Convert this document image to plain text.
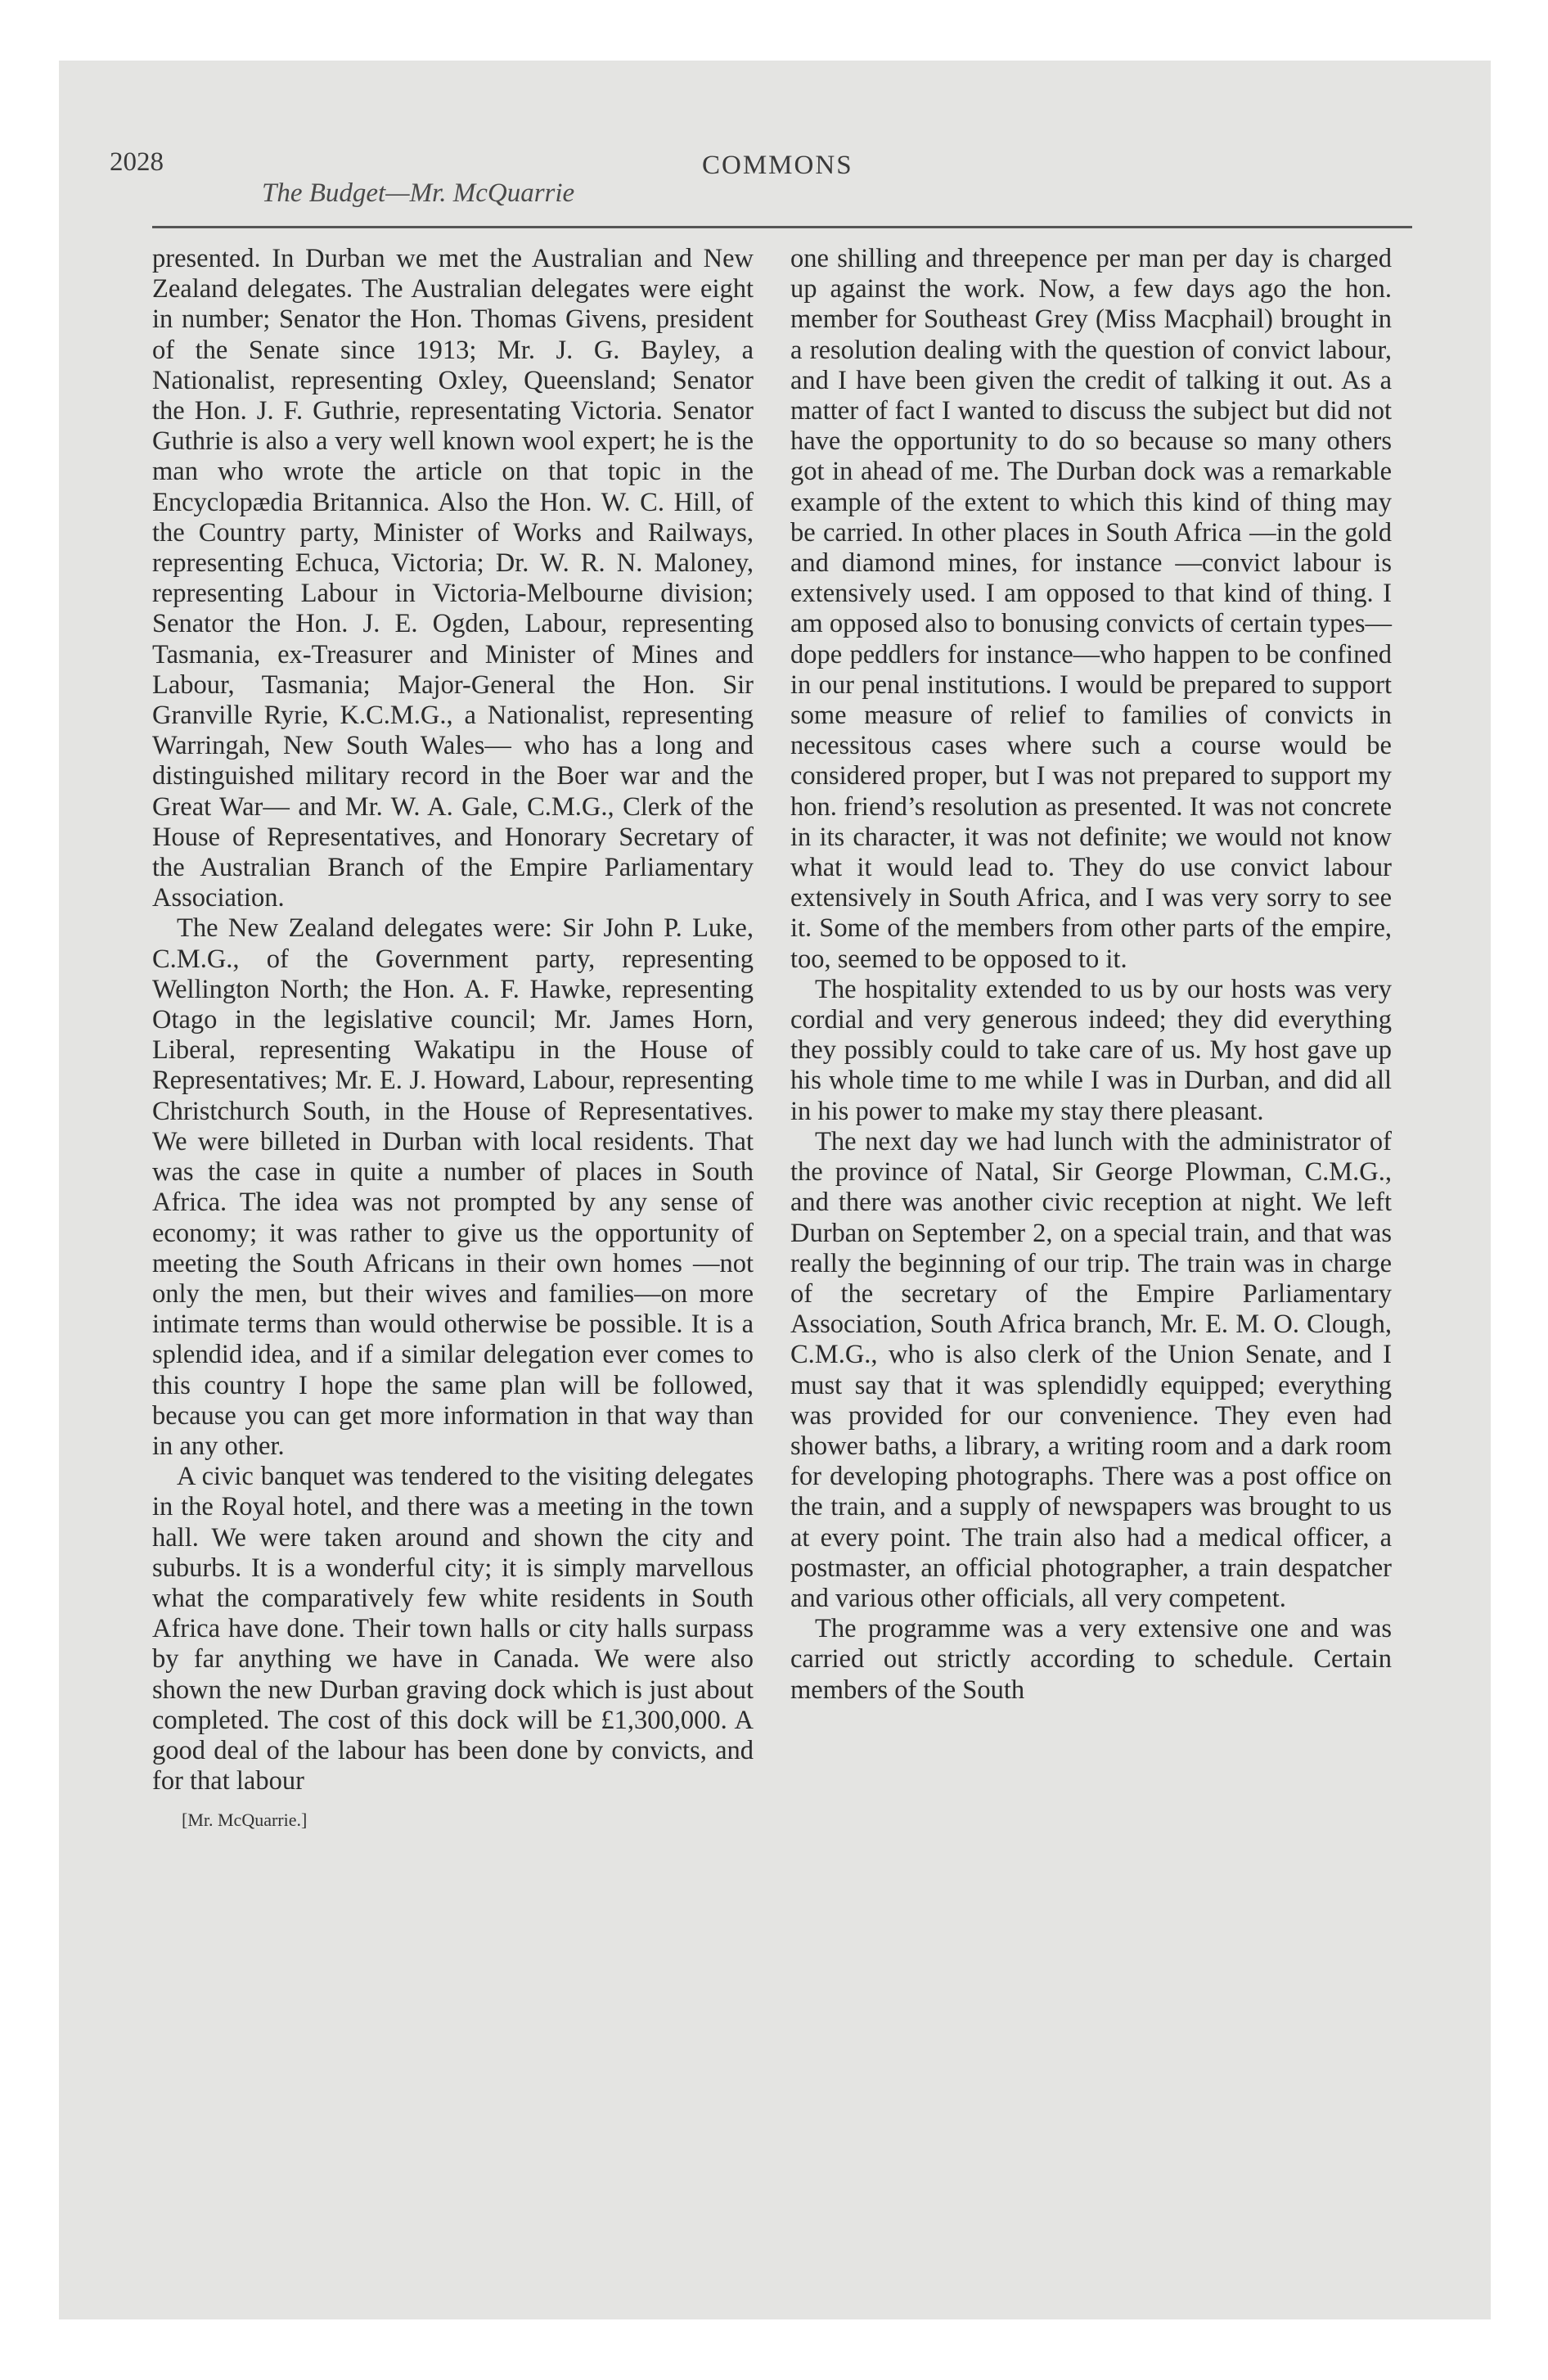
2028
The Budget—Mr. McQuarrie
COMMONS

presented. In Durban we met the Australian and New Zealand delegates. The Australian delegates were eight in number; Senator the Hon. Thomas Givens, president of the Senate since 1913; Mr. J. G. Bayley, a Nationalist, representing Oxley, Queensland; Senator the Hon. J. F. Guthrie, representating Victoria. Senator Guthrie is also a very well known wool expert; he is the man who wrote the article on that topic in the Encyclopædia Britannica. Also the Hon. W. C. Hill, of the Country party, Minister of Works and Railways, representing Echuca, Victoria; Dr. W. R. N. Maloney, representing Labour in Victoria-Melbourne division; Senator the Hon. J. E. Ogden, Labour, representing Tasmania, ex-Treasurer and Minister of Mines and Labour, Tasmania; Major-General the Hon. Sir Granville Ryrie, K.C.M.G., a Nationalist, representing Warringah, New South Wales— who has a long and distinguished military record in the Boer war and the Great War— and Mr. W. A. Gale, C.M.G., Clerk of the House of Representatives, and Honorary Secretary of the Australian Branch of the Empire Parliamentary Association.

The New Zealand delegates were: Sir John P. Luke, C.M.G., of the Government party, representing Wellington North; the Hon. A. F. Hawke, representing Otago in the legislative council; Mr. James Horn, Liberal, representing Wakatipu in the House of Representatives; Mr. E. J. Howard, Labour, representing Christchurch South, in the House of Representatives. We were billeted in Durban with local residents. That was the case in quite a number of places in South Africa. The idea was not prompted by any sense of economy; it was rather to give us the opportunity of meeting the South Africans in their own homes —not only the men, but their wives and families—on more intimate terms than would otherwise be possible. It is a splendid idea, and if a similar delegation ever comes to this country I hope the same plan will be followed, because you can get more information in that way than in any other.

A civic banquet was tendered to the visiting delegates in the Royal hotel, and there was a meeting in the town hall. We were taken around and shown the city and suburbs. It is a wonderful city; it is simply marvellous what the comparatively few white residents in South Africa have done. Their town halls or city halls surpass by far anything we have in Canada. We were also shown the new Durban graving dock which is just about completed. The cost of this dock will be £1,300,000. A good deal of the labour has been done by convicts, and for that labour

[Mr. McQuarrie.]

one shilling and threepence per man per day is charged up against the work. Now, a few days ago the hon. member for Southeast Grey (Miss Macphail) brought in a resolution dealing with the question of convict labour, and I have been given the credit of talking it out. As a matter of fact I wanted to discuss the subject but did not have the opportunity to do so because so many others got in ahead of me. The Durban dock was a remarkable example of the extent to which this kind of thing may be carried. In other places in South Africa —in the gold and diamond mines, for instance —convict labour is extensively used. I am opposed to that kind of thing. I am opposed also to bonusing convicts of certain types— dope peddlers for instance—who happen to be confined in our penal institutions. I would be prepared to support some measure of relief to families of convicts in necessitous cases where such a course would be considered proper, but I was not prepared to support my hon. friend’s resolution as presented. It was not concrete in its character, it was not definite; we would not know what it would lead to. They do use convict labour extensively in South Africa, and I was very sorry to see it. Some of the members from other parts of the empire, too, seemed to be opposed to it.

The hospitality extended to us by our hosts was very cordial and very generous indeed; they did everything they possibly could to take care of us. My host gave up his whole time to me while I was in Durban, and did all in his power to make my stay there pleasant.

The next day we had lunch with the administrator of the province of Natal, Sir George Plowman, C.M.G., and there was another civic reception at night. We left Durban on September 2, on a special train, and that was really the beginning of our trip. The train was in charge of the secretary of the Empire Parliamentary Association, South Africa branch, Mr. E. M. O. Clough, C.M.G., who is also clerk of the Union Senate, and I must say that it was splendidly equipped; everything was provided for our convenience. They even had shower baths, a library, a writing room and a dark room for developing photographs. There was a post office on the train, and a supply of newspapers was brought to us at every point. The train also had a medical officer, a postmaster, an official photographer, a train despatcher and various other officials, all very competent.

The programme was a very extensive one and was carried out strictly according to schedule. Certain members of the South
